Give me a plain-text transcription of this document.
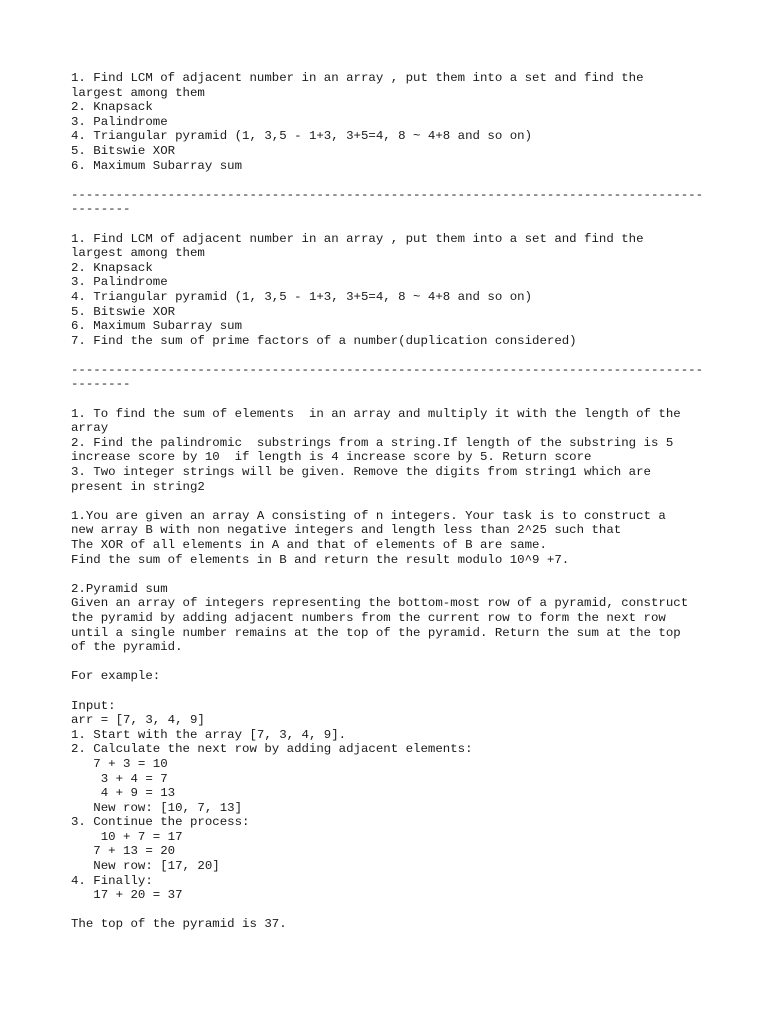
1. Find LCM of adjacent number in an array , put them into a set and find the
largest among them
2. Knapsack
3. Palindrome
4. Triangular pyramid (1, 3,5 - 1+3, 3+5=4, 8 ~ 4+8 and so on)
5. Bitswie XOR
6. Maximum Subarray sum
-------------------------------------------------------------------------------------
--------
1. Find LCM of adjacent number in an array , put them into a set and find the
largest among them
2. Knapsack
3. Palindrome
4. Triangular pyramid (1, 3,5 - 1+3, 3+5=4, 8 ~ 4+8 and so on)
5. Bitswie XOR
6. Maximum Subarray sum
7. Find the sum of prime factors of a number(duplication considered)
-------------------------------------------------------------------------------------
--------
1. To find the sum of elements  in an array and multiply it with the length of the
array
2. Find the palindromic  substrings from a string.If length of the substring is 5
increase score by 10  if length is 4 increase score by 5. Return score
3. Two integer strings will be given. Remove the digits from string1 which are
present in string2
1.You are given an array A consisting of n integers. Your task is to construct a
new array B with non negative integers and length less than 2^25 such that
The XOR of all elements in A and that of elements of B are same.
Find the sum of elements in B and return the result modulo 10^9 +7.
2.Pyramid sum
Given an array of integers representing the bottom-most row of a pyramid, construct
the pyramid by adding adjacent numbers from the current row to form the next row
until a single number remains at the top of the pyramid. Return the sum at the top
of the pyramid.
For example:
Input:
arr = [7, 3, 4, 9]
1. Start with the array [7, 3, 4, 9].
2. Calculate the next row by adding adjacent elements:
7 + 3 = 10
3 + 4 = 7
4 + 9 = 13
New row: [10, 7, 13]
3. Continue the process:
10 + 7 = 17
7 + 13 = 20
New row: [17, 20]
4. Finally:
17 + 20 = 37
The top of the pyramid is 37.
